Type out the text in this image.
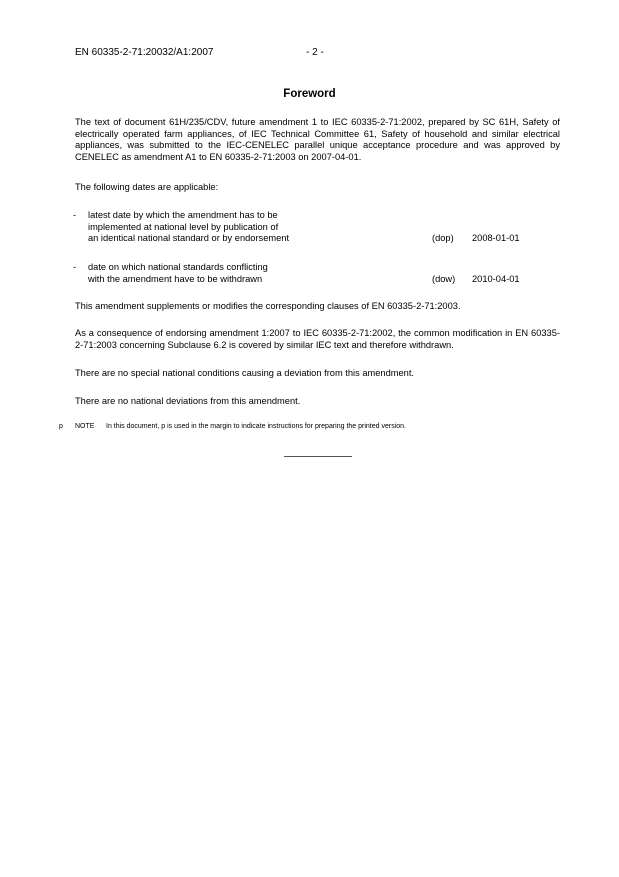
EN 60335-2-71:20032/A1:2007	- 2 -
Foreword

The text of document 61H/235/CDV, future amendment 1 to IEC 60335-2-71:2002, prepared by SC 61H, Safety of electrically operated farm appliances, of IEC Technical Committee 61, Safety of household and similar electrical appliances, was submitted to the IEC-CENELEC parallel unique acceptance procedure and was approved by CENELEC as amendment A1 to EN 60335-2-71:2003 on 2007-04-01.

The following dates are applicable:

- latest date by which the amendment has to be
implemented at national level by publication of
an identical national standard or by endorsement	(dop) 2008-01-01
- date on which national standards conflicting
with the amendment have to be withdrawn	(dow) 2010-04-01

This amendment supplements or modifies the corresponding clauses of EN 60335-2-71:2003.

As a consequence of endorsing amendment 1:2007 to IEC 60335-2-71:2002, the common modification in EN 60335-2-71:2003 concerning Subclause 6.2 is covered by similar IEC text and therefore withdrawn.

There are no special national conditions causing a deviation from this amendment.

There are no national deviations from this amendment.

p NOTE In this document, p is used in the margin to indicate instructions for preparing the printed version.
